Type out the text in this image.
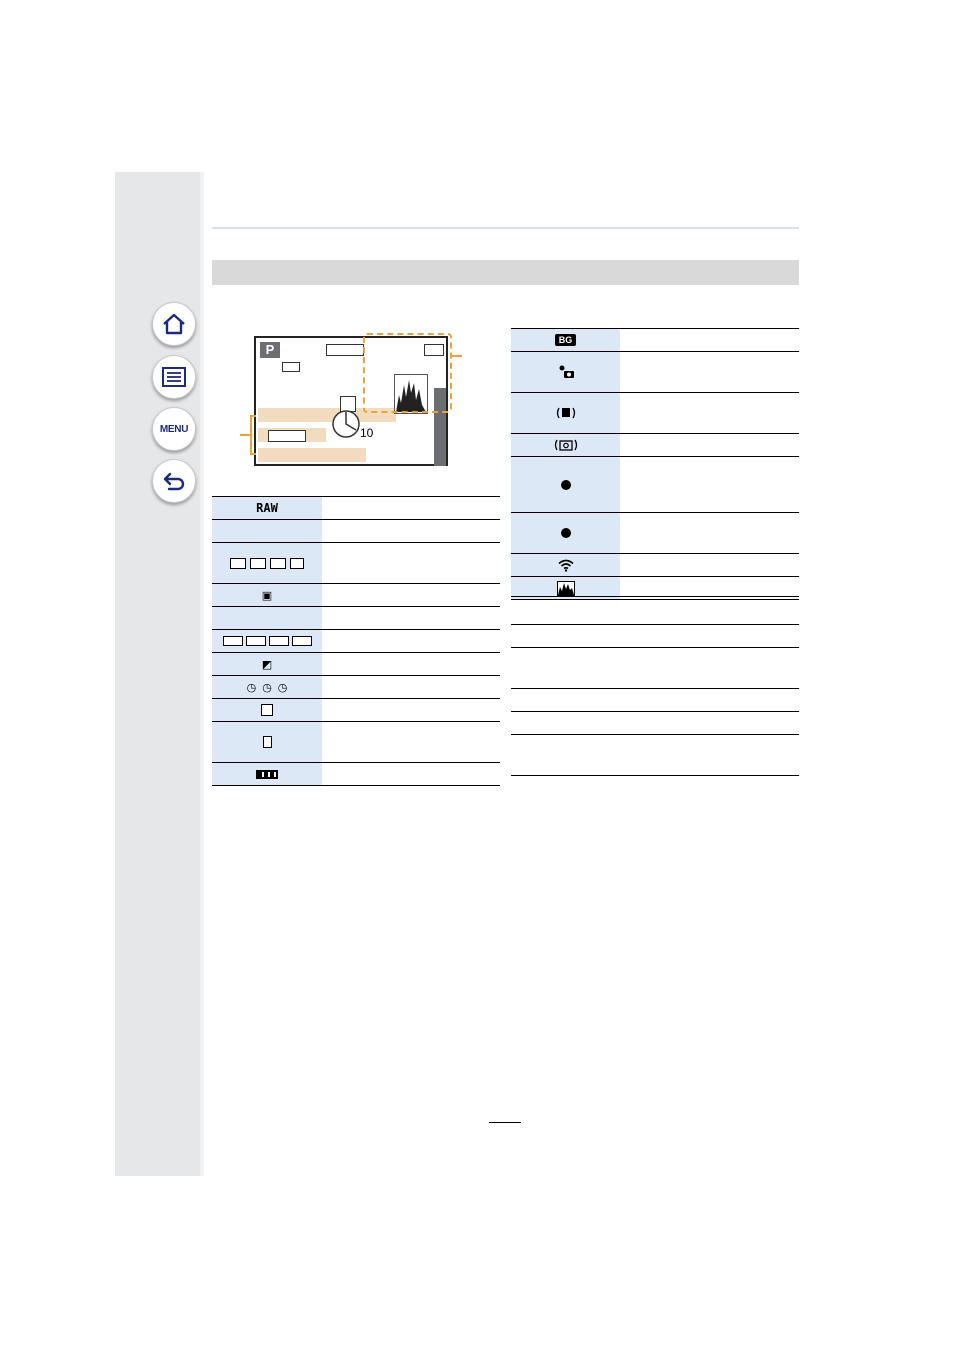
MENU
P
10
RAW
▣
◩
◷ ◷ ◷
BG
